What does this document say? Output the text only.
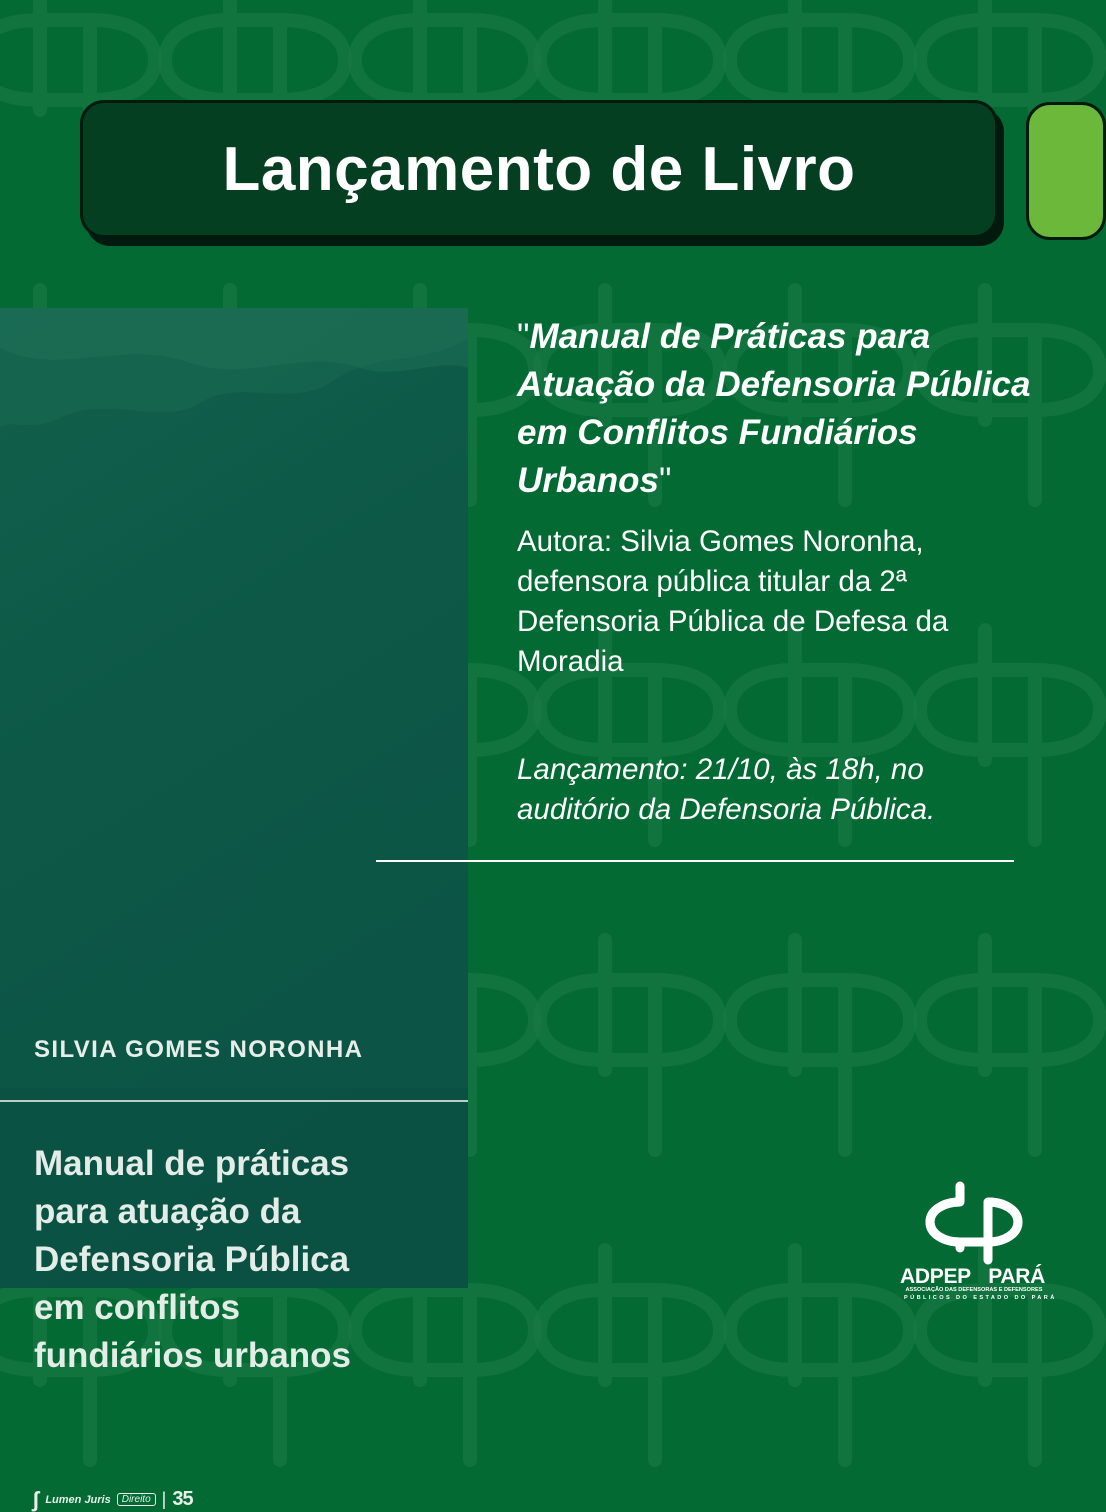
Lançamento de Livro
SILVIA GOMES NORONHA
Manual de práticas
para atuação da
Defensoria Pública
em conflitos
fundiários urbanos
ʃ Lumen Juris	Direito | 35

"Manual de Práticas para Atuação da Defensoria Pública em Conflitos Fundiários Urbanos"

Autora: Silvia Gomes Noronha, defensora pública titular da 2ª Defensoria Pública de Defesa da Moradia

Lançamento: 21/10, às 18h, no auditório da Defensoria Pública.

ADPEP PARÁ
ASSOCIAÇÃO DAS DEFENSORAS E DEFENSORES
PÚBLICOS DO ESTADO DO PARÁ
